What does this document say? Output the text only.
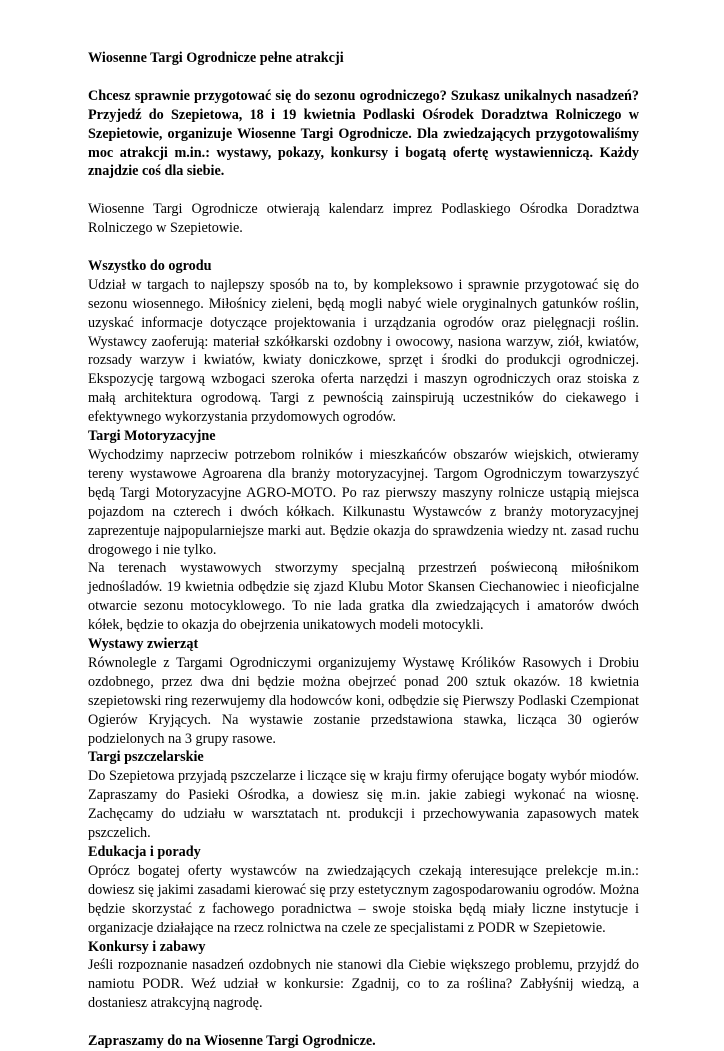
Wiosenne Targi Ogrodnicze pełne atrakcji

Chcesz sprawnie przygotować się do sezonu ogrodniczego? Szukasz unikalnych nasadzeń? Przyjedź do Szepietowa, 18 i 19 kwietnia Podlaski Ośrodek Doradztwa Rolniczego w Szepietowie, organizuje Wiosenne Targi Ogrodnicze. Dla zwiedzających przygotowaliśmy moc atrakcji m.in.: wystawy, pokazy, konkursy i bogatą ofertę wystawienniczą. Każdy znajdzie coś dla siebie.

Wiosenne Targi Ogrodnicze otwierają kalendarz imprez Podlaskiego Ośrodka Doradztwa Rolniczego w Szepietowie.

Wszystko do ogrodu

Udział w targach to najlepszy sposób na to, by kompleksowo i sprawnie przygotować się do sezonu wiosennego. Miłośnicy zieleni, będą mogli nabyć wiele oryginalnych gatunków roślin, uzyskać informacje dotyczące projektowania i urządzania ogrodów oraz pielęgnacji roślin. Wystawcy zaoferują: materiał szkółkarski ozdobny i owocowy, nasiona warzyw, ziół, kwiatów, rozsady warzyw i kwiatów, kwiaty doniczkowe, sprzęt i środki do produkcji ogrodniczej. Ekspozycję targową wzbogaci szeroka oferta narzędzi i maszyn ogrodniczych oraz stoiska z małą architektura ogrodową. Targi z pewnością zainspirują uczestników do ciekawego i efektywnego wykorzystania przydomowych ogrodów.

Targi Motoryzacyjne

Wychodzimy naprzeciw potrzebom rolników i mieszkańców obszarów wiejskich, otwieramy tereny wystawowe Agroarena dla branży motoryzacyjnej. Targom Ogrodniczym towarzyszyć będą Targi Motoryzacyjne AGRO-MOTO. Po raz pierwszy maszyny rolnicze ustąpią miejsca pojazdom na czterech i dwóch kółkach. Kilkunastu Wystawców z branży motoryzacyjnej zaprezentuje najpopularniejsze marki aut. Będzie okazja do sprawdzenia wiedzy nt. zasad ruchu drogowego i nie tylko.

Na terenach wystawowych stworzymy specjalną przestrzeń poświeconą miłośnikom jednośladów. 19 kwietnia odbędzie się zjazd Klubu Motor Skansen Ciechanowiec i nieoficjalne otwarcie sezonu motocyklowego. To nie lada gratka dla zwiedzających i amatorów dwóch kółek, będzie to okazja do obejrzenia unikatowych modeli motocykli.

Wystawy zwierząt

Równolegle z Targami Ogrodniczymi organizujemy Wystawę Królików Rasowych i Drobiu ozdobnego, przez dwa dni będzie można obejrzeć ponad 200 sztuk okazów. 18 kwietnia szepietowski ring rezerwujemy dla hodowców koni, odbędzie się Pierwszy Podlaski Czempionat Ogierów Kryjących. Na wystawie zostanie przedstawiona stawka, licząca 30 ogierów podzielonych na 3 grupy rasowe.

Targi pszczelarskie

Do Szepietowa przyjadą pszczelarze i liczące się w kraju firmy oferujące bogaty wybór miodów. Zapraszamy do Pasieki Ośrodka, a dowiesz się m.in. jakie zabiegi wykonać na wiosnę. Zachęcamy do udziału w warsztatach nt. produkcji i przechowywania zapasowych matek pszczelich.

Edukacja i porady

Oprócz bogatej oferty wystawców na zwiedzających czekają interesujące prelekcje m.in.: dowiesz się jakimi zasadami kierować się przy estetycznym zagospodarowaniu ogrodów. Można będzie skorzystać z fachowego poradnictwa – swoje stoiska będą miały liczne instytucje i organizacje działające na rzecz rolnictwa na czele ze specjalistami z PODR w Szepietowie.

Konkursy i zabawy

Jeśli rozpoznanie nasadzeń ozdobnych nie stanowi dla Ciebie większego problemu, przyjdź do namiotu PODR. Weź udział w konkursie: Zgadnij, co to za roślina? Zabłyśnij wiedzą, a dostaniesz atrakcyjną nagrodę.

Zapraszamy do na Wiosenne Targi Ogrodnicze.
